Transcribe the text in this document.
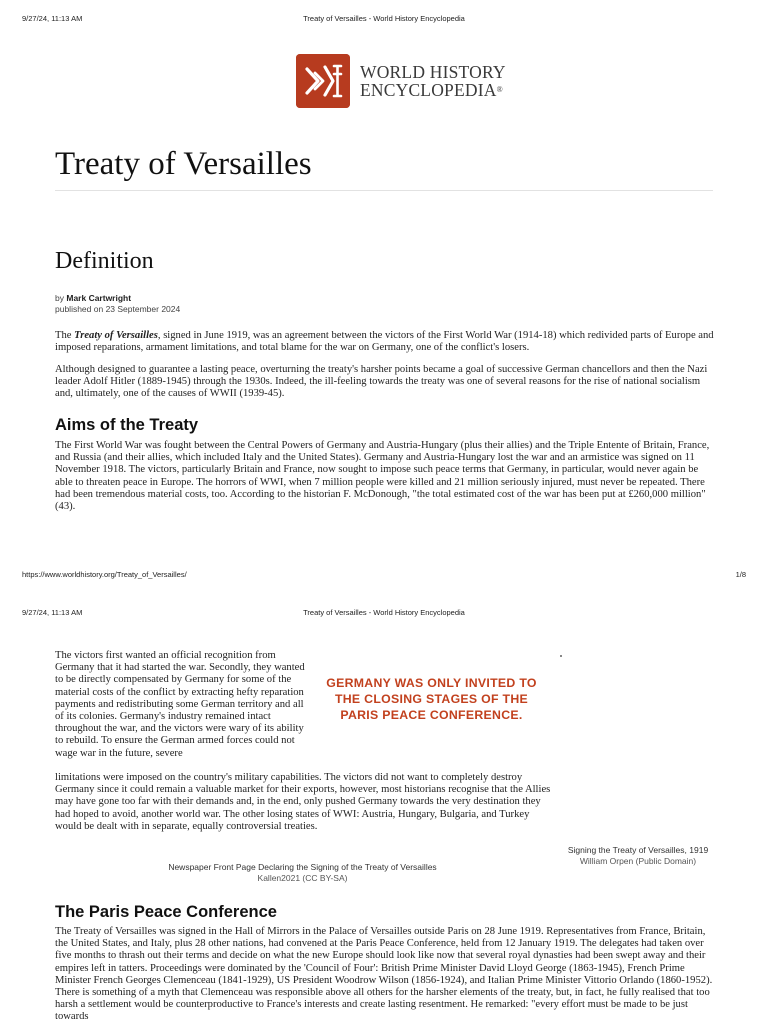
9/27/24, 11:13 AM	Treaty of Versailles - World History Encyclopedia
WORLD HISTORY
ENCYCLOPEDIA®
Treaty of Versailles
Definition
by Mark Cartwright
published on 23 September 2024

The Treaty of Versailles, signed in June 1919, was an agreement between the victors of the First World War (1914-18) which redivided parts of Europe and imposed reparations, armament limitations, and total blame for the war on Germany, one of the conflict's losers.

Although designed to guarantee a lasting peace, overturning the treaty's harsher points became a goal of successive German chancellors and then the Nazi leader Adolf Hitler (1889-1945) through the 1930s. Indeed, the ill-feeling towards the treaty was one of several reasons for the rise of national socialism and, ultimately, one of the causes of WWII (1939-45).

Aims of the Treaty

The First World War was fought between the Central Powers of Germany and Austria-Hungary (plus their allies) and the Triple Entente of Britain, France, and Russia (and their allies, which included Italy and the United States). Germany and Austria-Hungary lost the war and an armistice was signed on 11 November 1918. The victors, particularly Britain and France, now sought to impose such peace terms that Germany, in particular, would never again be able to threaten peace in Europe. The horrors of WWI, when 7 million people were killed and 21 million seriously injured, must never be repeated. There had been tremendous material costs, too. According to the historian F. McDonough, "the total estimated cost of the war has been put at £260,000 million" (43).

https://www.worldhistory.org/Treaty_of_Versailles/	1/8
9/27/24, 11:13 AM	Treaty of Versailles - World History Encyclopedia

The victors first wanted an official recognition from Germany that it had started the war. Secondly, they wanted to be directly compensated by Germany for some of the material costs of the conflict by extracting hefty reparation payments and redistributing some German territory and all of its colonies. Germany's industry remained intact throughout the war, and the victors were wary of its ability to rebuild. To ensure the German armed forces could not wage war in the future, severe

limitations were imposed on the country's military capabilities. The victors did not want to completely destroy Germany since it could remain a valuable market for their exports, however, most historians recognise that the Allies may have gone too far with their demands and, in the end, only pushed Germany towards the very destination they had hoped to avoid, another world war. The other losing states of WWI: Austria, Hungary, Bulgaria, and Turkey would be dealt with in separate, equally controversial treaties.

GERMANY WAS ONLY INVITED TO THE CLOSING STAGES OF THE PARIS PEACE CONFERENCE.
Signing the Treaty of Versailles, 1919
William Orpen (Public Domain)
Newspaper Front Page Declaring the Signing of the Treaty of Versailles
Kallen2021 (CC BY-SA)
The Paris Peace Conference

The Treaty of Versailles was signed in the Hall of Mirrors in the Palace of Versailles outside Paris on 28 June 1919. Representatives from France, Britain, the United States, and Italy, plus 28 other nations, had convened at the Paris Peace Conference, held from 12 January 1919. The delegates had taken over five months to thrash out their terms and decide on what the new Europe should look like now that several royal dynasties had been swept away and their empires left in tatters. Proceedings were dominated by the 'Council of Four': British Prime Minister David Lloyd George (1863-1945), French Prime Minister French Georges Clemenceau (1841-1929), US President Woodrow Wilson (1856-1924), and Italian Prime Minister Vittorio Orlando (1860-1952). There is something of a myth that Clemenceau was responsible above all others for the harsher elements of the treaty, but, in fact, he fully realised that too harsh a settlement would be counterproductive to France's interests and create lasting resentment. He remarked: "every effort must be made to be just towards
